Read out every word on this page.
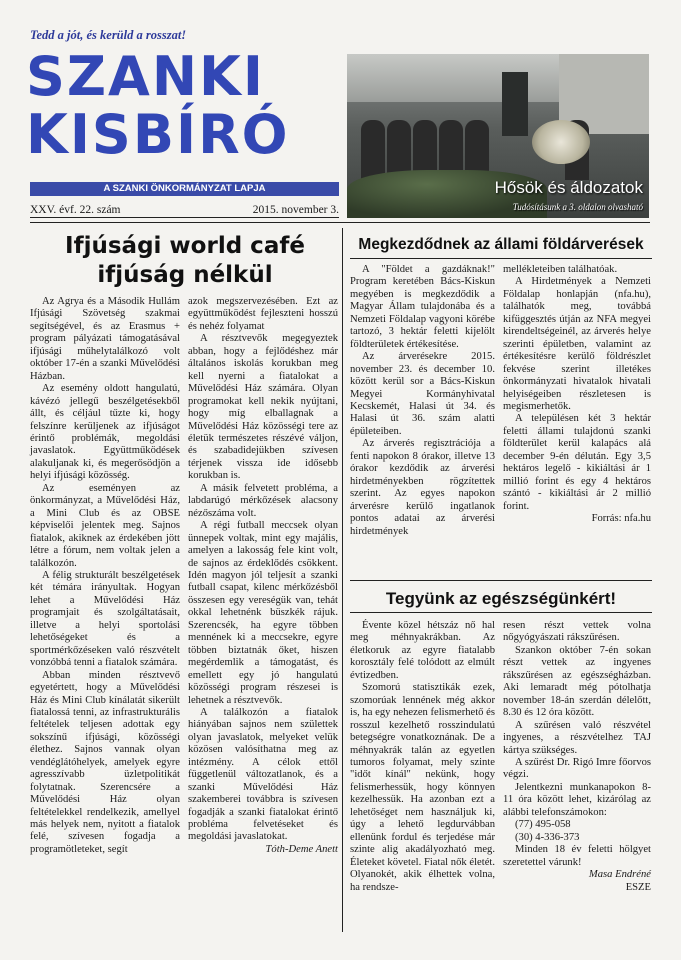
Tedd a jót, és kerüld a rosszat!
SZANKI
KISBÍRÓ
A SZANKI ÖNKORMÁNYZAT LAPJA
XXV. évf. 22. szám	2015. november 3.
Hősök és áldozatok
Tudósításunk a 3. oldalon olvasható
Ifjúsági world café
ifjúság nélkül

Az Agrya és a Második Hullám Ifjúsági Szövetség szakmai segítségével, és az Erasmus + program pályázati támogatásával ifjúsági műhelytalálkozó volt október 17-én a szanki Művelődési Házban.

Az esemény oldott hangulatú, kávézó jellegű beszélgetésekből állt, és céljául tűzte ki, hogy felszínre kerüljenek az ifjúságot érintő problémák, megoldási javaslatok. Együttműködések alakuljanak ki, és megerősödjön a helyi ifjúsági közösség.

Az eseményen az önkormányzat, a Művelődési Ház, a Mini Club és az OBSE képviselői jelentek meg. Sajnos fiatalok, akiknek az érdekében jött létre a fórum, nem voltak jelen a találkozón.

A félig strukturált beszélgetések két témára irányultak. Hogyan lehet a Művelődési Ház programjait és szolgáltatásait, illetve a helyi sportolási lehetőségeket és a sportmérkőzéseken való részvételt vonzóbbá tenni a fiatalok számára.

Abban minden résztvevő egyetértett, hogy a Művelődési Ház és Mini Club kínálatát sikerült fiatalossá tenni, az infrastrukturális feltételek teljesen adottak egy sokszínű ifjúsági, közösségi élethez. Sajnos vannak olyan vendéglátóhelyek, amelyek egyre agresszívabb üzletpolitikát folytatnak. Szerencsére a Művelődési Ház olyan feltételekkel rendelkezik, amellyel más helyek nem, nyitott a fiatalok felé, szívesen fogadja a programötleteket, segít

azok megszervezésében. Ezt az együttműködést fejleszteni hosszú és nehéz folyamat

A résztvevők megegyeztek abban, hogy a fejlődéshez már általános iskolás korukban meg kell nyerni a fiatalokat a Művelődési Ház számára. Olyan programokat kell nekik nyújtani, hogy míg elballagnak a Művelődési Ház közösségi tere az életük természetes részévé váljon, és szabadidejükben szívesen térjenek vissza ide idősebb korukban is.

A másik felvetett probléma, a labdarúgó mérkőzések alacsony nézőszáma volt.

A régi futball meccsek olyan ünnepek voltak, mint egy majális, amelyen a lakosság fele kint volt, de sajnos az érdeklődés csökkent. Idén magyon jól teljesít a szanki futball csapat, kilenc mérkőzésből összesen egy vereségük van, tehát okkal lehetnénk büszkék rájuk. Szerencsék, ha egyre többen mennének ki a meccsekre, egyre többen biztatnák őket, hiszen megérdemlik a támogatást, és emellett egy jó hangulatú közösségi program részesei is lehetnek a résztvevők.

A találkozón a fiatalok hiányában sajnos nem születtek olyan javaslatok, melyeket velük közösen valósíthatna meg az intézmény. A célok ettől függetlenül változatlanok, és a szanki Művelődési Ház szakemberei továbbra is szívesen fogadják a szanki fiatalokat érintő probléma felvetéseket és megoldási javaslatokat.

Tóth-Deme Anett

Megkezdődnek az állami földárverések

A "Földet a gazdáknak!" Program keretében Bács-Kiskun megyében is megkezdődik a Magyar Állam tulajdonába és a Nemzeti Földalap vagyoni körébe tartozó, 3 hektár feletti kijelölt földterületek értékesítése.

Az árverésekre 2015. november 23. és december 10. között kerül sor a Bács-Kiskun Megyei Kormányhivatal Kecskemét, Halasi út 34. és Halasi út 36. szám alatti épületeiben.

Az árverés regisztrációja a fenti napokon 8 órakor, illetve 13 órakor kezdődik az árverési hirdetményekben rögzítettek szerint. Az egyes napokon árverésre kerülő ingatlanok pontos adatai az árverési hirdetmények

mellékleteiben találhatóak.

A Hirdetmények a Nemzeti Földalap honlapján (nfa.hu), találhatók meg, továbbá kifüggesztés útján az NFA megyei kirendeltségeinél, az árverés helye szerinti épületben, valamint az értékesítésre kerülő földrészlet fekvése szerint illetékes önkormányzati hivatalok hivatali helyiségeiben részletesen is megismerhetők.

A településen két 3 hektár feletti állami tulajdonú szanki földterület kerül kalapács alá december 9-én délután. Egy 3,5 hektáros legelő - kikiáltási ár 1 millió forint és egy 4 hektáros szántó - kikiáltási ár 2 millió forint.

Forrás: nfa.hu

Tegyünk az egészségünkért!

Évente közel hétszáz nő hal meg méhnyakrákban. Az életkoruk az egyre fiatalabb korosztály felé tolódott az elmúlt évtizedben.

Szomorú statisztikák ezek, szomorúak lennének még akkor is, ha egy nehezen felismerhető és rosszul kezelhető rosszindulatú betegségre vonatkoznának. De a méhnyakrák talán az egyetlen tumoros folyamat, mely szinte "időt kínál" nekünk, hogy felismerhessük, hogy könnyen kezelhessük. Ha azonban ezt a lehetőséget nem használjuk ki, úgy a lehető legdurvábban ellenünk fordul és terjedése már szinte alig akadályozható meg. Életeket követel. Fiatal nők életét. Olyanokét, akik élhettek volna, ha rendsze-

resen részt vettek volna nőgyógyászati rákszűrésen.

Szankon október 7-én sokan részt vettek az ingyenes rákszűrésen az egészségházban. Aki lemaradt még pótolhatja november 18-án szerdán délelőtt, 8.30 és 12 óra között.

A szűrésen való részvétel ingyenes, a részvételhez TAJ kártya szükséges.

A szűrést Dr. Rigó Imre főorvos végzi.

Jelentkezni munkanapokon 8-11 óra között lehet, kizárólag az alábbi telefonszámokon:

(77) 495-058

(30) 4-336-373

Minden 18 év feletti hölgyet szeretettel várunk!

Masa Endréné

ESZE
